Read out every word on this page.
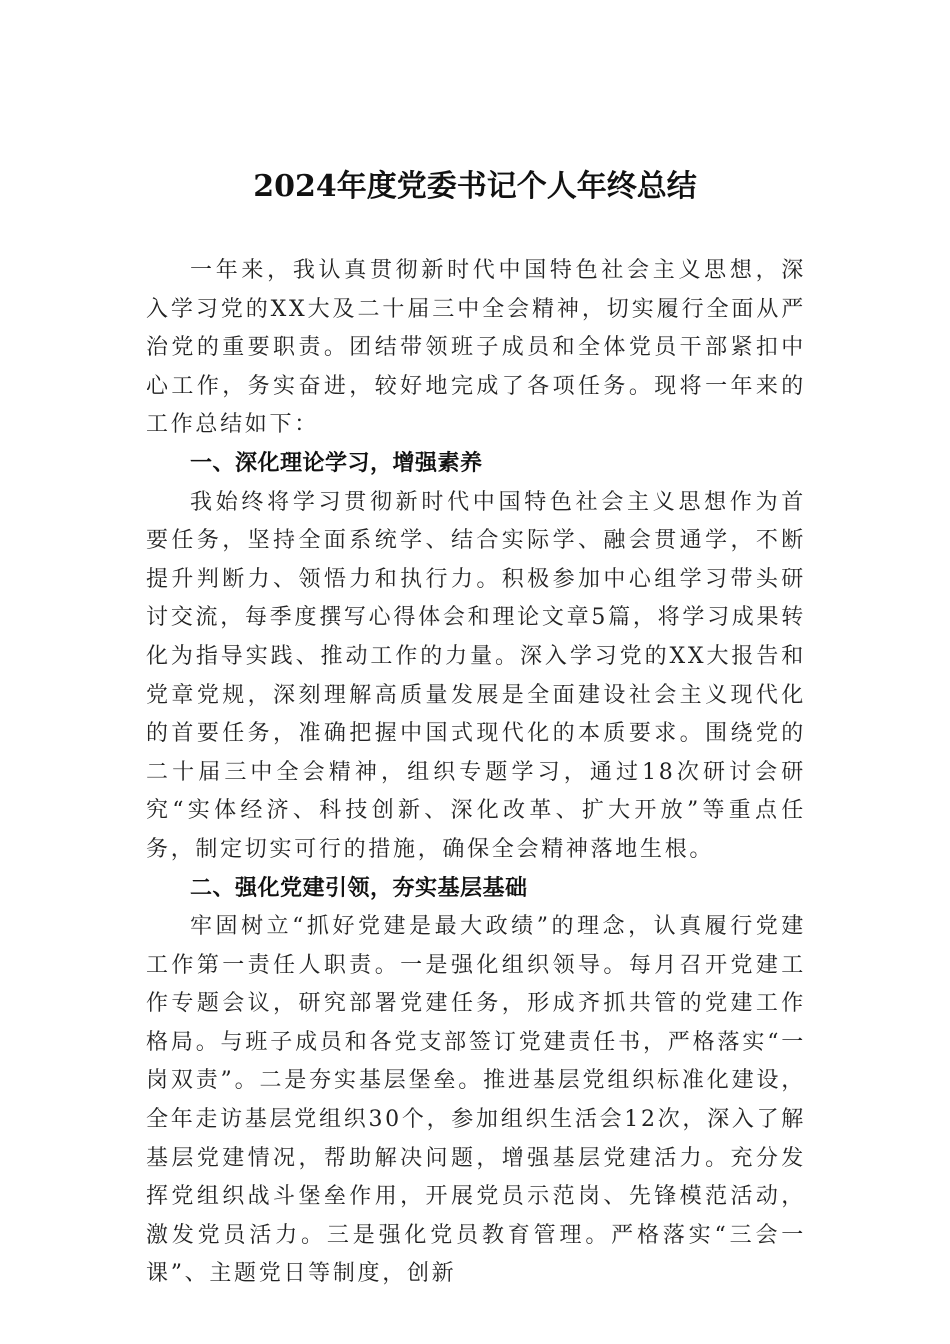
2024年度党委书记个人年终总结

一年来，我认真贯彻新时代中国特色社会主义思想，深入学习党的XX大及二十届三中全会精神，切实履行全面从严治党的重要职责。团结带领班子成员和全体党员干部紧扣中心工作，务实奋进，较好地完成了各项任务。现将一年来的工作总结如下：

一、深化理论学习，增强素养

我始终将学习贯彻新时代中国特色社会主义思想作为首要任务，坚持全面系统学、结合实际学、融会贯通学，不断提升判断力、领悟力和执行力。积极参加中心组学习带头研讨交流，每季度撰写心得体会和理论文章5篇，将学习成果转化为指导实践、推动工作的力量。深入学习党的XX大报告和党章党规，深刻理解高质量发展是全面建设社会主义现代化的首要任务，准确把握中国式现代化的本质要求。围绕党的二十届三中全会精神，组织专题学习，通过18次研讨会研究“实体经济、科技创新、深化改革、扩大开放”等重点任务，制定切实可行的措施，确保全会精神落地生根。

二、强化党建引领，夯实基层基础

牢固树立“抓好党建是最大政绩”的理念，认真履行党建工作第一责任人职责。一是强化组织领导。每月召开党建工作专题会议，研究部署党建任务，形成齐抓共管的党建工作格局。与班子成员和各党支部签订党建责任书，严格落实“一岗双责”。二是夯实基层堡垒。推进基层党组织标准化建设，全年走访基层党组织30个，参加组织生活会12次，深入了解基层党建情况，帮助解决问题，增强基层党建活力。充分发挥党组织战斗堡垒作用，开展党员示范岗、先锋模范活动，激发党员活力。三是强化党员教育管理。严格落实“三会一课”、主题党日等制度，创新
